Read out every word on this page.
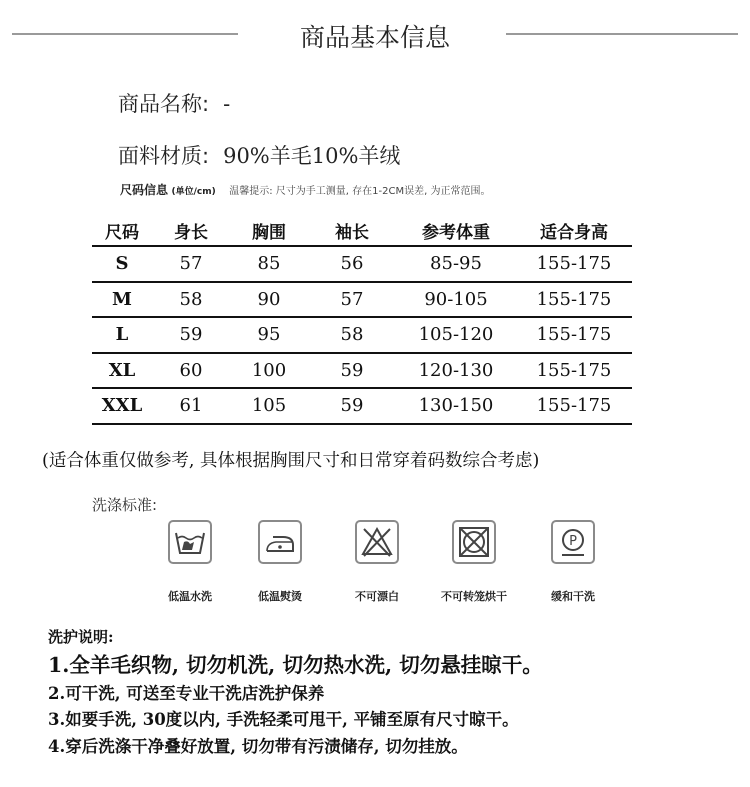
商品基本信息
商品名称: -
面料材质: 90%羊毛10%羊绒
尺码信息 (单位/cm) 温馨提示: 尺寸为手工测量, 存在1-2CM误差, 为正常范围。
尺码	身长	胸围	袖长	参考体重	适合身高
S	57	85	56	85-95	155-175
M	58	90	57	90-105	155-175
L	59	95	58	105-120	155-175
XL	60	100	59	120-130	155-175
XXL	61	105	59	130-150	155-175
(适合体重仅做参考, 具体根据胸围尺寸和日常穿着码数综合考虑)
洗涤标准:
低温水洗	低温熨烫	不可漂白	不可转笼烘干
P
缓和干洗
洗护说明:
1.全羊毛织物, 切勿机洗, 切勿热水洗, 切勿悬挂晾干。
2.可干洗, 可送至专业干洗店洗护保养
3.如要手洗, 30度以内, 手洗轻柔可甩干, 平铺至原有尺寸晾干。
4.穿后洗涤干净叠好放置, 切勿带有污渍储存, 切勿挂放。
